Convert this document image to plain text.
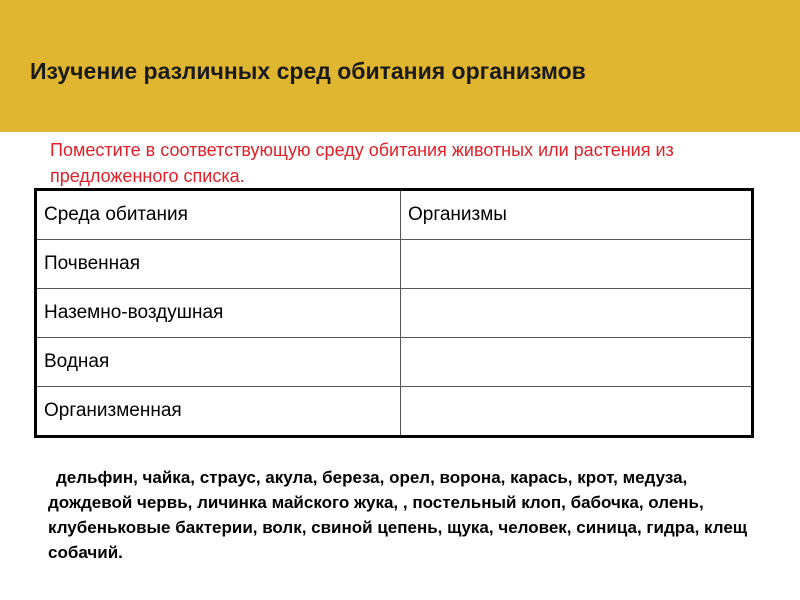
Изучение различных сред обитания организмов
Поместите в соответствующую среду обитания животных или растения из предложенного списка.
Среда обитания	Организмы
Почвенная	
Наземно-воздушная	
Водная	
Организменная	
дельфин, чайка, страус, акула, береза, орел, ворона, карась, крот, медуза, дождевой червь, личинка майского жука, , постельный клоп, бабочка, олень, клубеньковые бактерии, волк, свиной цепень, щука, человек, синица, гидра, клещ собачий.
